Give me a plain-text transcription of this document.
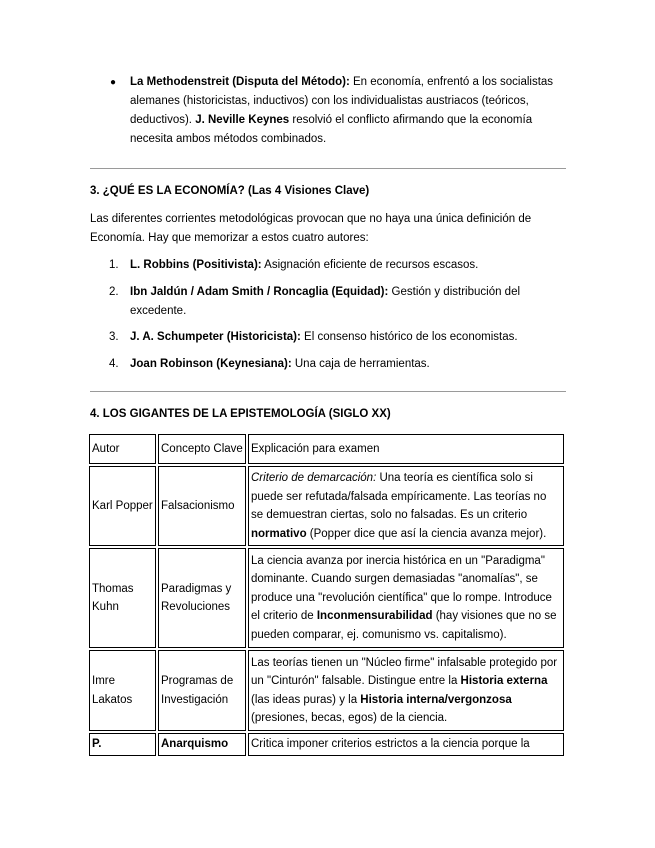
● La Methodenstreit (Disputa del Método): En economía, enfrentó a los socialistas alemanes (historicistas, inductivos) con los individualistas austriacos (teóricos, deductivos). J. Neville Keynes resolvió el conflicto afirmando que la economía necesita ambos métodos combinados.
3. ¿QUÉ ES LA ECONOMÍA? (Las 4 Visiones Clave)
Las diferentes corrientes metodológicas provocan que no haya una única definición de Economía. Hay que memorizar a estos cuatro autores:
1. L. Robbins (Positivista): Asignación eficiente de recursos escasos.
2. Ibn Jaldún / Adam Smith / Roncaglia (Equidad): Gestión y distribución del excedente.
3. J. A. Schumpeter (Historicista): El consenso histórico de los economistas.
4. Joan Robinson (Keynesiana): Una caja de herramientas.
4. LOS GIGANTES DE LA EPISTEMOLOGÍA (SIGLO XX)
Autor	Concepto Clave	Explicación para examen
Karl Popper	Falsacionismo	Criterio de demarcación: Una teoría es científica solo si puede ser refutada/falsada empíricamente. Las teorías no se demuestran ciertas, solo no falsadas. Es un criterio normativo (Popper dice que así la ciencia avanza mejor).
Thomas Kuhn	Paradigmas y Revoluciones	La ciencia avanza por inercia histórica en un "Paradigma" dominante. Cuando surgen demasiadas "anomalías", se produce una "revolución científica" que lo rompe. Introduce el criterio de Inconmensurabilidad (hay visiones que no se pueden comparar, ej. comunismo vs. capitalismo).
Imre Lakatos	Programas de Investigación	Las teorías tienen un "Núcleo firme" infalsable protegido por un "Cinturón" falsable. Distingue entre la Historia externa (las ideas puras) y la Historia interna/vergonzosa (presiones, becas, egos) de la ciencia.
P.	Anarquismo	Critica imponer criterios estrictos a la ciencia porque la
